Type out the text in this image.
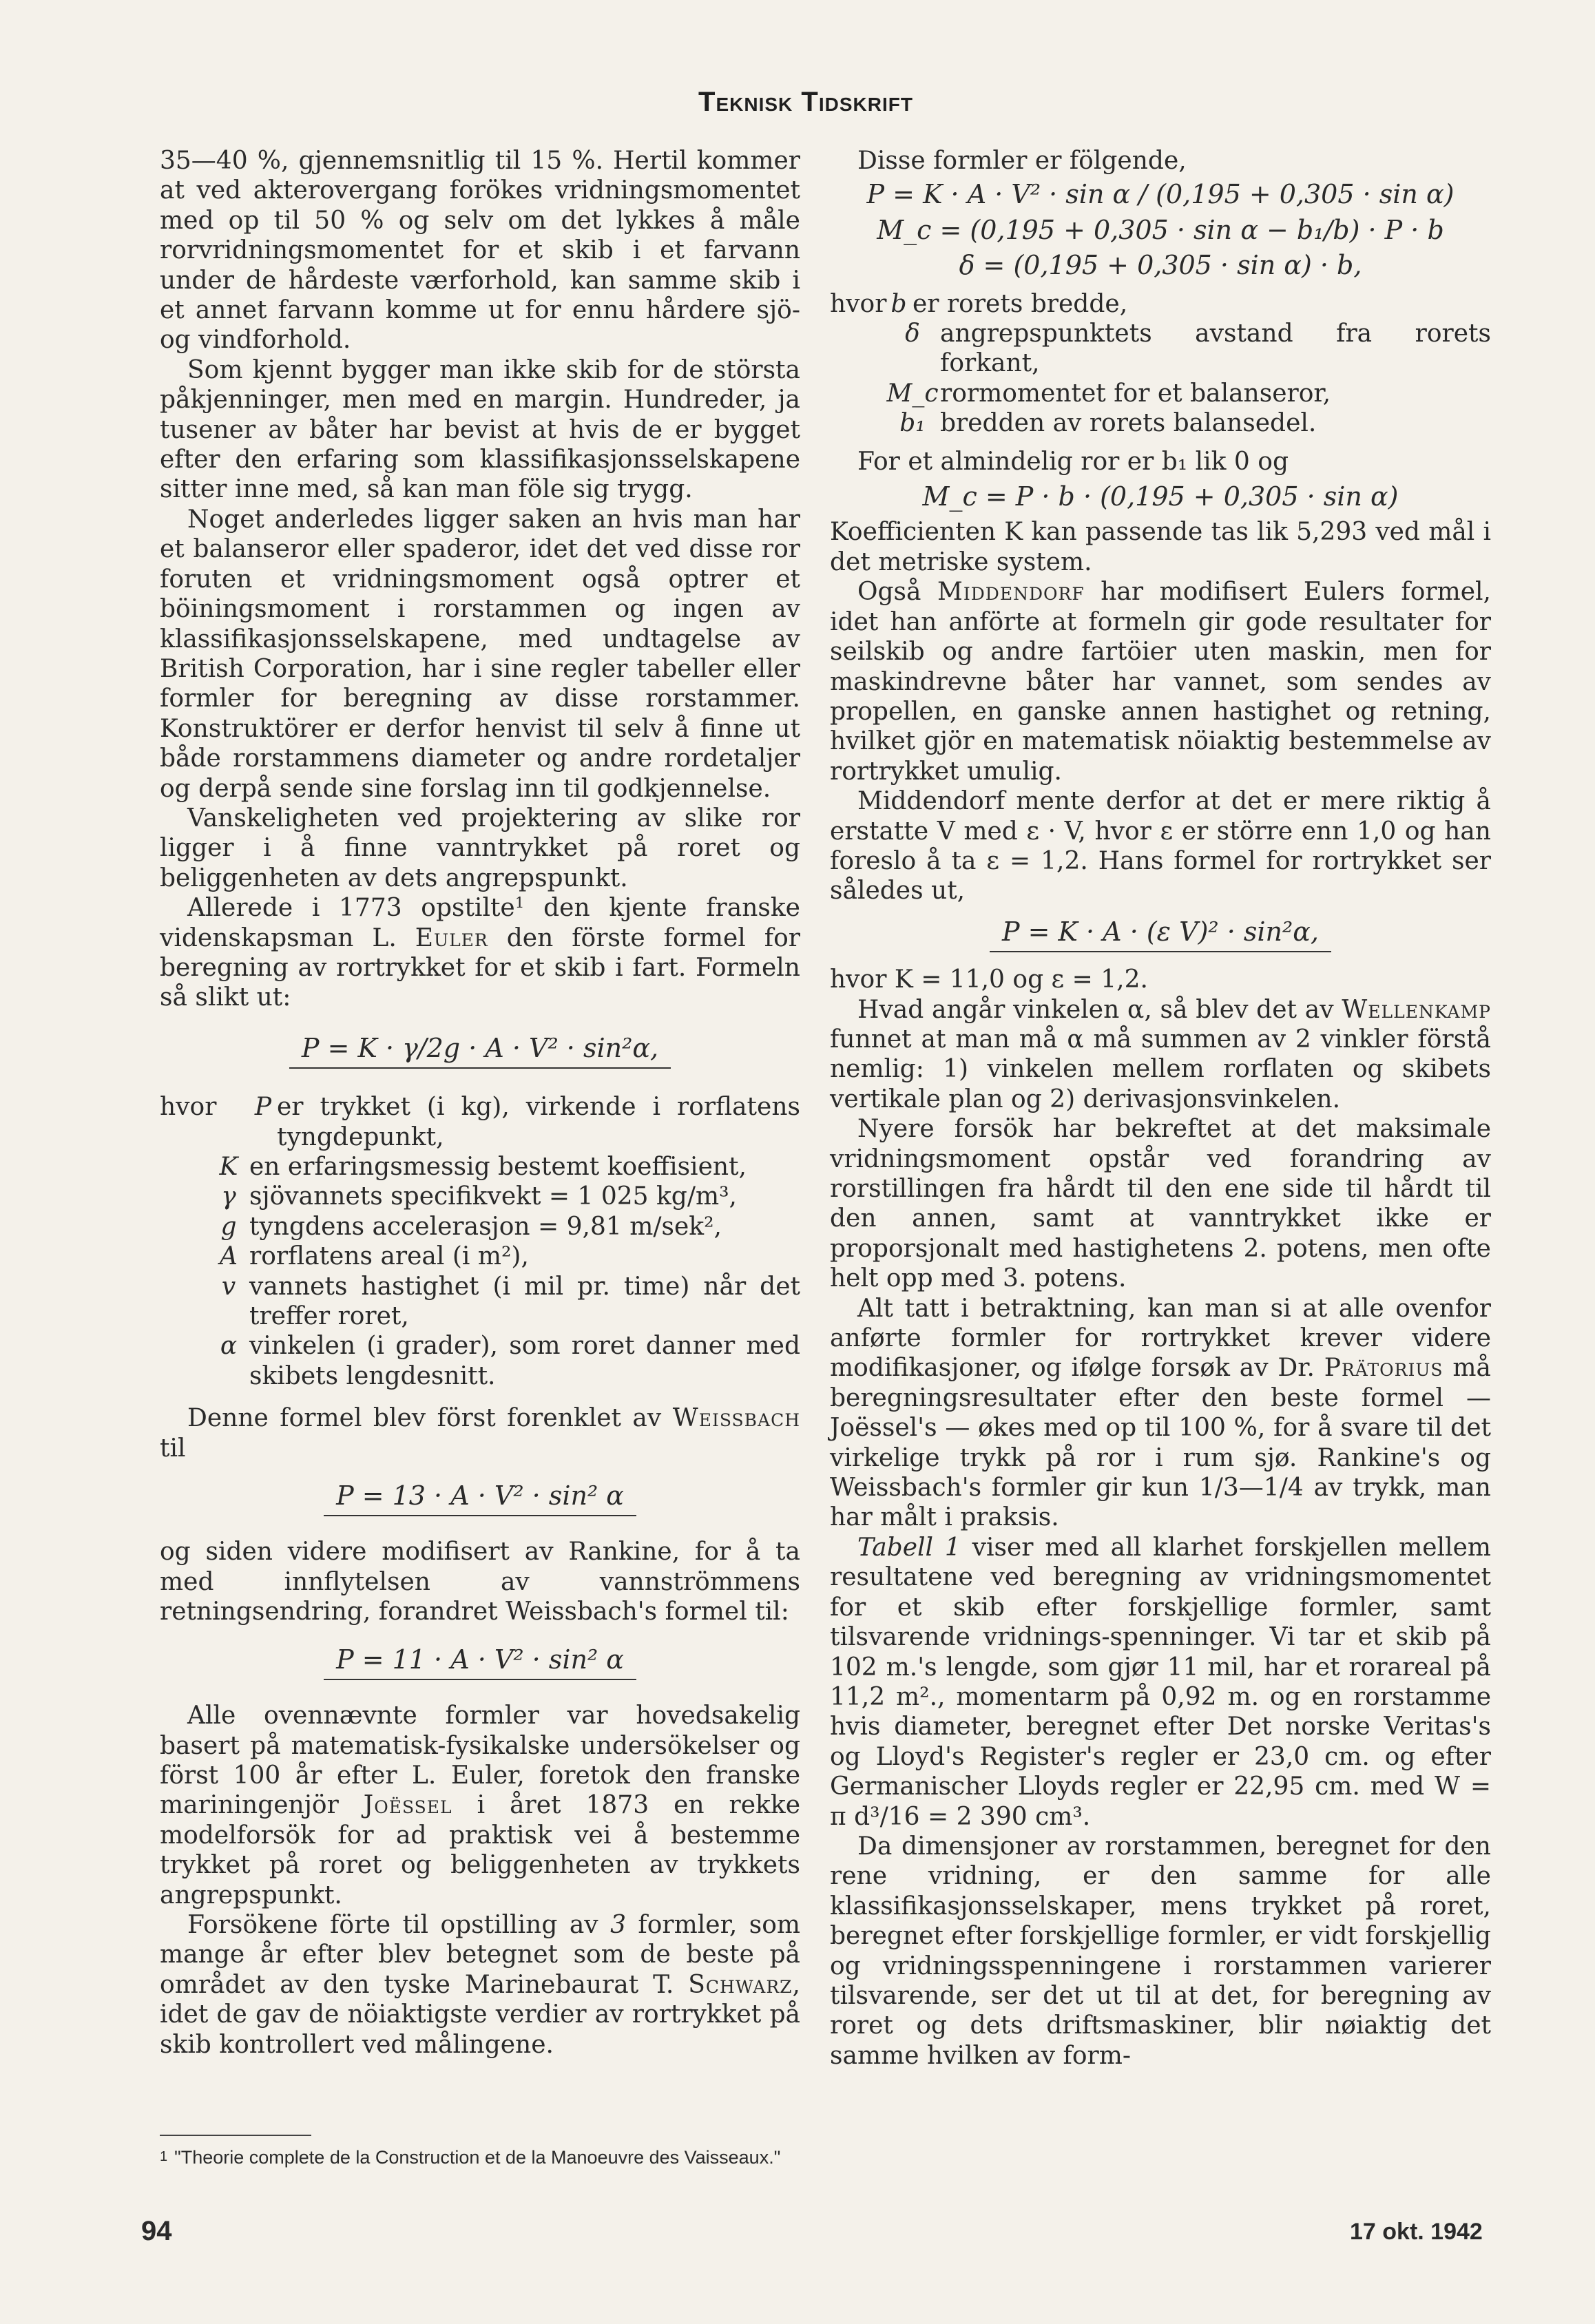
Teknisk Tidskrift

35—40 %, gjennemsnitlig til 15 %. Hertil kommer at ved akterovergang forökes vridningsmomentet med op til 50 % og selv om det lykkes å måle rorvridningsmomentet for et skib i et farvann under de hårdeste værforhold, kan samme skib i et annet farvann komme ut for ennu hårdere sjö- og vindforhold.

Som kjennt bygger man ikke skib for de största påkjenninger, men med en margin. Hundreder, ja tusener av båter har bevist at hvis de er bygget efter den erfaring som klassifikasjonsselskapene sitter inne med, så kan man föle sig trygg.

Noget anderledes ligger saken an hvis man har et balanseror eller spaderor, idet det ved disse ror foruten et vridningsmoment også optrer et böiningsmoment i rorstammen og ingen av klassifikasjonsselskapene, med undtagelse av British Corporation, har i sine regler tabeller eller formler for beregning av disse rorstammer. Konstruktörer er derfor henvist til selv å finne ut både rorstammens diameter og andre rordetaljer og derpå sende sine forslag inn til godkjennelse.

Vanskeligheten ved projektering av slike ror ligger i å finne vanntrykket på roret og beliggenheten av dets angrepspunkt.

Allerede i 1773 opstilte$^1$ den kjente franske videnskapsman L. Euler den förste formel for beregning av rortrykket for et skib i fart. Formeln så slikt ut:

P = K · γ/2g · A · V² · sin²α,
hvor	P er trykket (i kg), virkende i rorflatens tyngdepunkt,
K en erfaringsmessig bestemt koeffisient,
γ sjövannets specifikvekt = 1 025 kg/m³,
g tyngdens accelerasjon = 9,81 m/sek²,
A rorflatens areal (i m²),
v vannets hastighet (i mil pr. time) når det treffer roret,
α vinkelen (i grader), som roret danner med skibets lengdesnitt.

Denne formel blev först forenklet av Weissbach til

P = 13 · A · V² · sin² α

og siden videre modifisert av Rankine, for å ta med innflytelsen av vannströmmens retningsendring, forandret Weissbach's formel til:

P = 11 · A · V² · sin² α

Alle ovennævnte formler var hovedsakelig basert på matematisk-fysikalske undersökelser og först 100 år efter L. Euler, foretok den franske mariningenjör Joëssel i året 1873 en rekke modelforsök for ad praktisk vei å bestemme trykket på roret og beliggenheten av trykkets angrepspunkt.

Forsökene förte til opstilling av 3 formler, som mange år efter blev betegnet som de beste på området av den tyske Marinebaurat T. Schwarz, idet de gav de nöiaktigste verdier av rortrykket på skib kontrollert ved målingene.

1 "Theorie complete de la Construction et de la Manoeuvre des Vaisseaux."

Disse formler er fölgende,

P = K · A · V² · sin α / (0,195 + 0,305 · sin α)
M_c = (0,195 + 0,305 · sin α − b₁/b) · P · b
δ = (0,195 + 0,305 · sin α) · b,
hvor b er rorets bredde,
δ angrepspunktets avstand fra rorets forkant,
M_c rormomentet for et balanseror,
b₁ bredden av rorets balansedel.

For et almindelig ror er b₁ lik 0 og

M_c = P · b · (0,195 + 0,305 · sin α)

Koefficienten K kan passende tas lik 5,293 ved mål i det metriske system.

Også Middendorf har modifisert Eulers formel, idet han anförte at formeln gir gode resultater for seilskib og andre fartöier uten maskin, men for maskindrevne båter har vannet, som sendes av propellen, en ganske annen hastighet og retning, hvilket gjör en matematisk nöiaktig bestemmelse av rortrykket umulig.

Middendorf mente derfor at det er mere riktig å erstatte V med ε · V, hvor ε er större enn 1,0 og han foreslo å ta ε = 1,2. Hans formel for rortrykket ser således ut,

P = K · A · (ε V)² · sin²α,

hvor K = 11,0 og ε = 1,2.

Hvad angår vinkelen α, så blev det av Wellenkamp funnet at man må α må summen av 2 vinkler förstå nemlig: 1) vinkelen mellem rorflaten og skibets vertikale plan og 2) derivasjonsvinkelen.

Nyere forsök har bekreftet at det maksimale vridningsmoment opstår ved forandring av rorstillingen fra hårdt til den ene side til hårdt til den annen, samt at vanntrykket ikke er proporsjonalt med hastighetens 2. potens, men ofte helt opp med 3. potens.

Alt tatt i betraktning, kan man si at alle ovenfor anførte formler for rortrykket krever videre modifikasjoner, og ifølge forsøk av Dr. Prätorius må beregningsresultater efter den beste formel — Joëssel's — økes med op til 100 %, for å svare til det virkelige trykk på ror i rum sjø. Rankine's og Weissbach's formler gir kun 1/3—1/4 av trykk, man har målt i praksis.

Tabell 1 viser med all klarhet forskjellen mellem resultatene ved beregning av vridningsmomentet for et skib efter forskjellige formler, samt tilsvarende vridnings-spenninger. Vi tar et skib på 102 m.'s lengde, som gjør 11 mil, har et rorareal på 11,2 m²., momentarm på 0,92 m. og en rorstamme hvis diameter, beregnet efter Det norske Veritas's og Lloyd's Register's regler er 23,0 cm. og efter Germanischer Lloyds regler er 22,95 cm. med W = π d³/16 = 2 390 cm³.

Da dimensjoner av rorstammen, beregnet for den rene vridning, er den samme for alle klassifikasjonsselskaper, mens trykket på roret, beregnet efter forskjellige formler, er vidt forskjellig og vridningsspenningene i rorstammen varierer tilsvarende, ser det ut til at det, for beregning av roret og dets driftsmaskiner, blir nøiaktig det samme hvilken av form-

94	17 okt. 1942
